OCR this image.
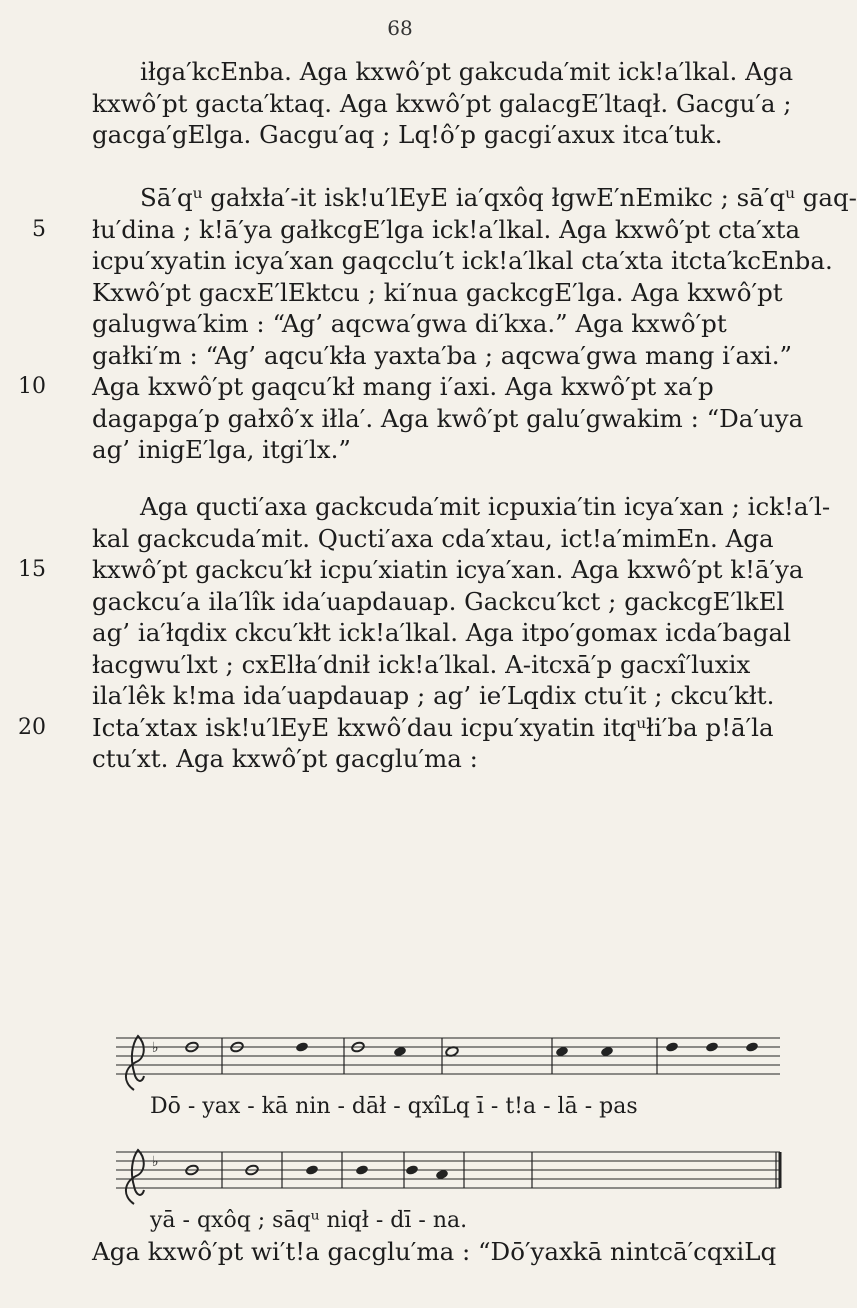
68
iłga′kcEnba. Aga kxwô′pt gakcuda′mit ick!a′lkal. Aga
kxwô′pt gacta′ktaq. Aga kxwô′pt galacgE′ltaqł. Gacgu′a ;
gacga′gElga. Gacgu′aq ; Lq!ô′p gacgi′axux itca′tuk.
Sā′qᵘ gałxła′-it isk!u′lEyE ia′qxôq łgwE′nEmikc ; sā′qᵘ gaq-
5 łu′dina ; k!ā′ya gałkcgE′lga ick!a′lkal. Aga kxwô′pt cta′xta
icpu′xyatin icya′xan gaqcclu′t ick!a′lkal cta′xta itcta′kcEnba.
Kxwô′pt gacxE′lEktcu ; ki′nua gackcgE′lga. Aga kxwô′pt
galugwa′kim : “Ag’ aqcwa′gwa di′kxa.” Aga kxwô′pt
gałki′m : “Ag’ aqcu′kła yaxta′ba ; aqcwa′gwa mang i′axi.”
10 Aga kxwô′pt gaqcu′kł mang i′axi. Aga kxwô′pt xa′p
dagapga′p gałxô′x iłla′. Aga kwô′pt galu′gwakim : “Da′uya
ag’ inigE′lga, itgi′lx.”
Aga qucti′axa gackcuda′mit icpuxia′tin icya′xan ; ick!a′l-
kal gackcuda′mit. Qucti′axa cda′xtau, ict!a′mimEn. Aga
15 kxwô′pt gackcu′kł icpu′xiatin icya′xan. Aga kxwô′pt k!ā′ya
gackcu′a ila′lîk ida′uapdauap. Gackcu′kct ; gackcgE′lkEl
ag’ ia′łqdix ckcu′kłt ick!a′lkal. Aga itpo′gomax icda′bagal
łacgwu′lxt ; cxElła′dnił ick!a′lkal. A-itcxā′p gacxî′luxix
ila′lêk k!ma ida′uapdauap ; ag’ ie′Lqdix ctu′it ; ckcu′kłt.
20 Icta′xtax isk!u′lEyE kxwô′dau icpu′xyatin itqᵘłi′ba p!ā′la
ctu′xt. Aga kxwô′pt gacglu′ma :
♭
Dō - yax - kā nin - dāł - qxîLq ī - t!a - lā - pas
♭
yā - qxôq ; sāqᵘ niqł - dī - na.
Aga kxwô′pt wi′t!a gacglu′ma : “Dō′yaxkā nintcā′cqxiLq
